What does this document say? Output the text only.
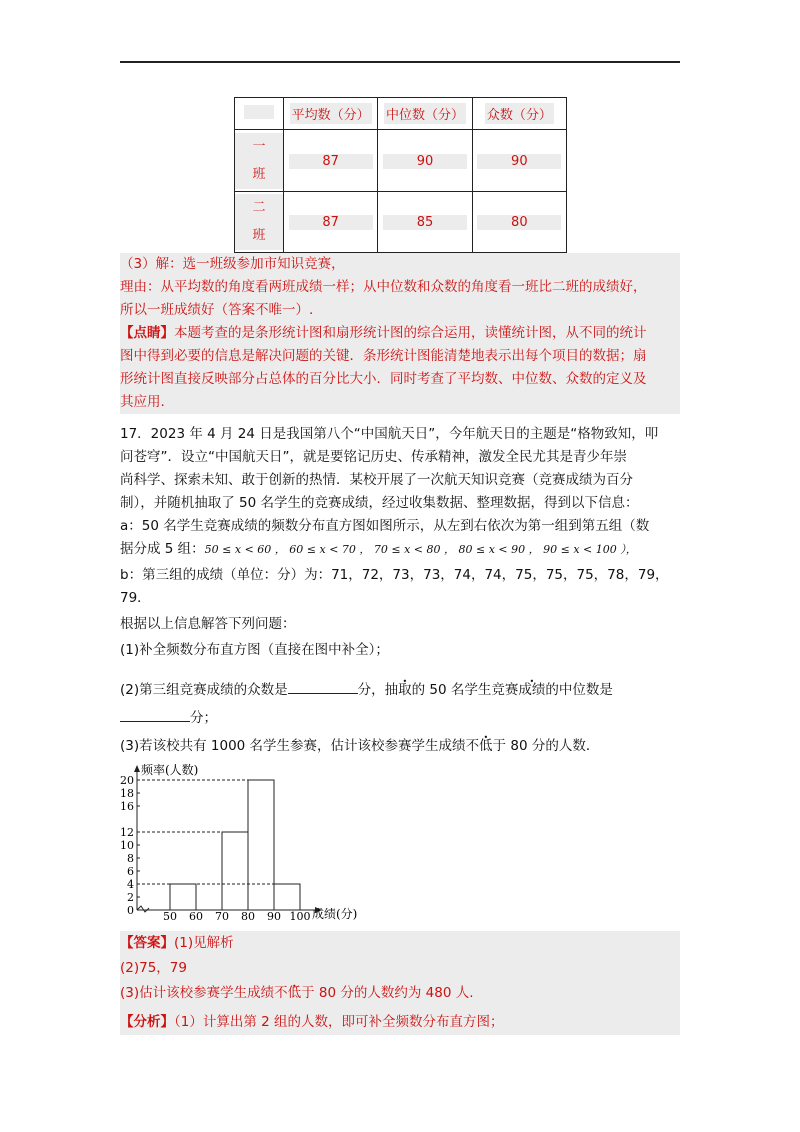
	平均数（分）	中位数（分）	众数（分）

一
班	87	90	90

二
班	87	85	80

（3）解：选一班级参加市知识竞赛，

理由：从平均数的角度看两班成绩一样；从中位数和众数的角度看一班比二班的成绩好，

所以一班成绩好（答案不唯一）.

【点睛】本题考查的是条形统计图和扇形统计图的综合运用，读懂统计图，从不同的统计

图中得到必要的信息是解决问题的关键．条形统计图能清楚地表示出每个项目的数据；扇

形统计图直接反映部分占总体的百分比大小．同时考查了平均数、中位数、众数的定义及

其应用.

17．2023 年 4 月 24 日是我国第八个“中国航天日”，今年航天日的主题是“格物致知，叩

问苍穹”．设立“中国航天日”，就是要铭记历史、传承精神，激发全民尤其是青少年崇

尚科学、探索未知、敢于创新的热情．某校开展了一次航天知识竞赛（竞赛成绩为百分

制），并随机抽取了 50 名学生的竞赛成绩，经过收集数据、整理数据，得到以下信息：

a：50 名学生竞赛成绩的频数分布直方图如图所示，从左到右依次为第一组到第五组（数

据分成 5 组：50 ≤ x < 60 ， 60 ≤ x < 70 ， 70 ≤ x < 80 ， 80 ≤ x < 90 ， 90 ≤ x < 100 ），

b：第三组的成绩（单位：分）为：71，72，73，73，74，74，75，75，75，78，79，

79．

根据以上信息解答下列问题：

(1)补全频数分布直方图（直接在图中补全）；

(2)第三组竞赛成绩的众数是	分，抽取的 50 名学生竞赛成绩的中位数是 •
分；
(3)若该校共有 1000 名学生参赛，估计该校参赛学生成绩不低于 80 分的人数．
频率(人数)
成绩(分)
0
2
4
6
8
10
12
16
18
20
50 60 70 80 90 100

【答案】(1)见解析

(2)75，79

(3)估计该校参赛学生成绩不低于 80 分的人数约为 480 人.

【分析】（1）计算出第 2 组的人数，即可补全频数分布直方图；
